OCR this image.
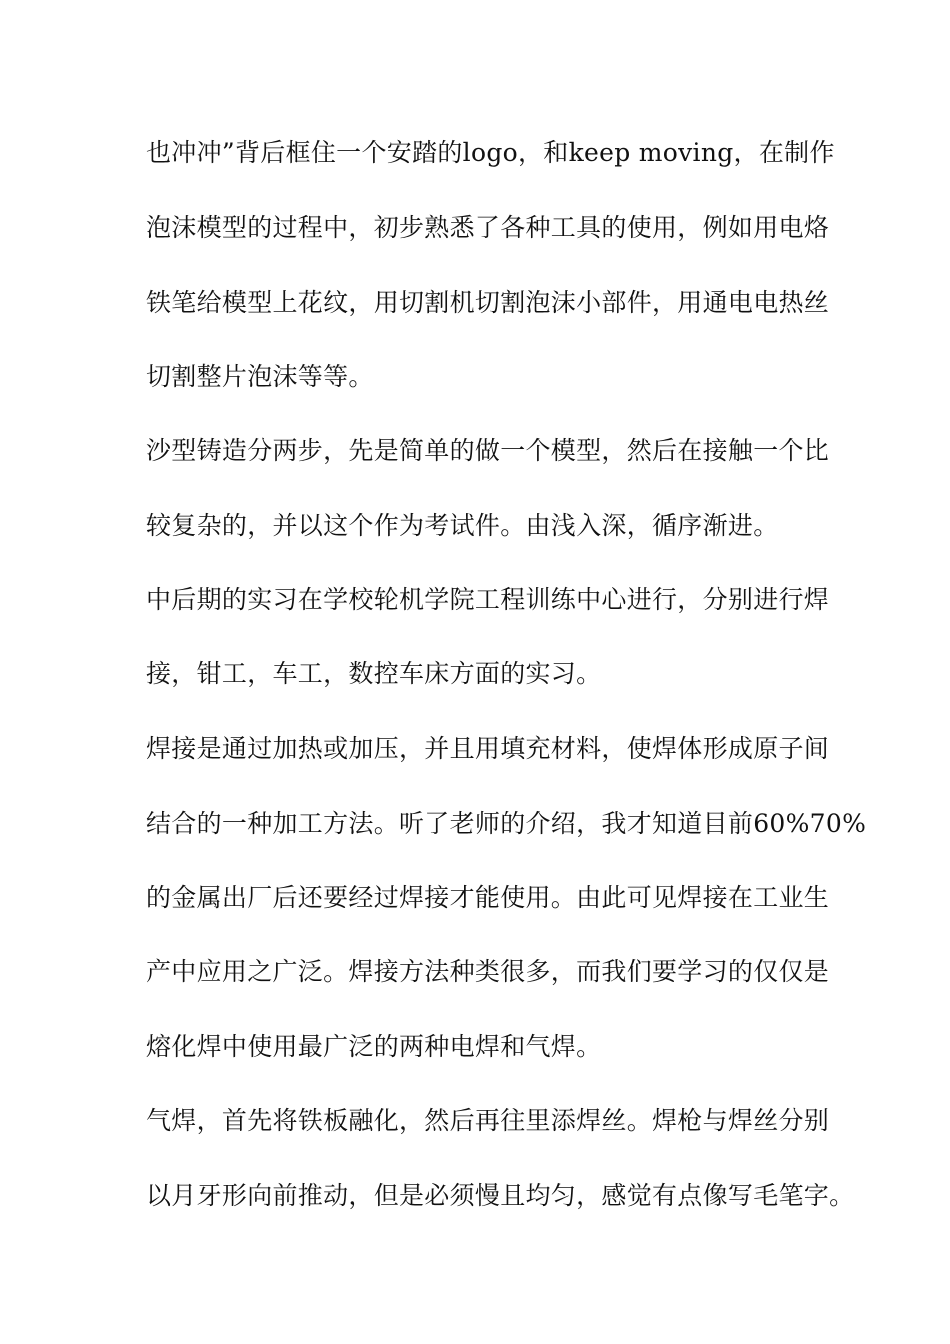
也冲冲”背后框住一个安踏的logo，和keep moving，在制作
泡沫模型的过程中，初步熟悉了各种工具的使用，例如用电烙
铁笔给模型上花纹，用切割机切割泡沫小部件，用通电电热丝
切割整片泡沫等等。
沙型铸造分两步，先是简单的做一个模型，然后在接触一个比
较复杂的，并以这个作为考试件。由浅入深，循序渐进。
中后期的实习在学校轮机学院工程训练中心进行，分别进行焊
接，钳工，车工，数控车床方面的实习。
焊接是通过加热或加压，并且用填充材料，使焊体形成原子间
结合的一种加工方法。听了老师的介绍，我才知道目前60%70%
的金属出厂后还要经过焊接才能使用。由此可见焊接在工业生
产中应用之广泛。焊接方法种类很多，而我们要学习的仅仅是
熔化焊中使用最广泛的两种电焊和气焊。
气焊，首先将铁板融化，然后再往里添焊丝。焊枪与焊丝分别
以月牙形向前推动，但是必须慢且均匀，感觉有点像写毛笔字。
